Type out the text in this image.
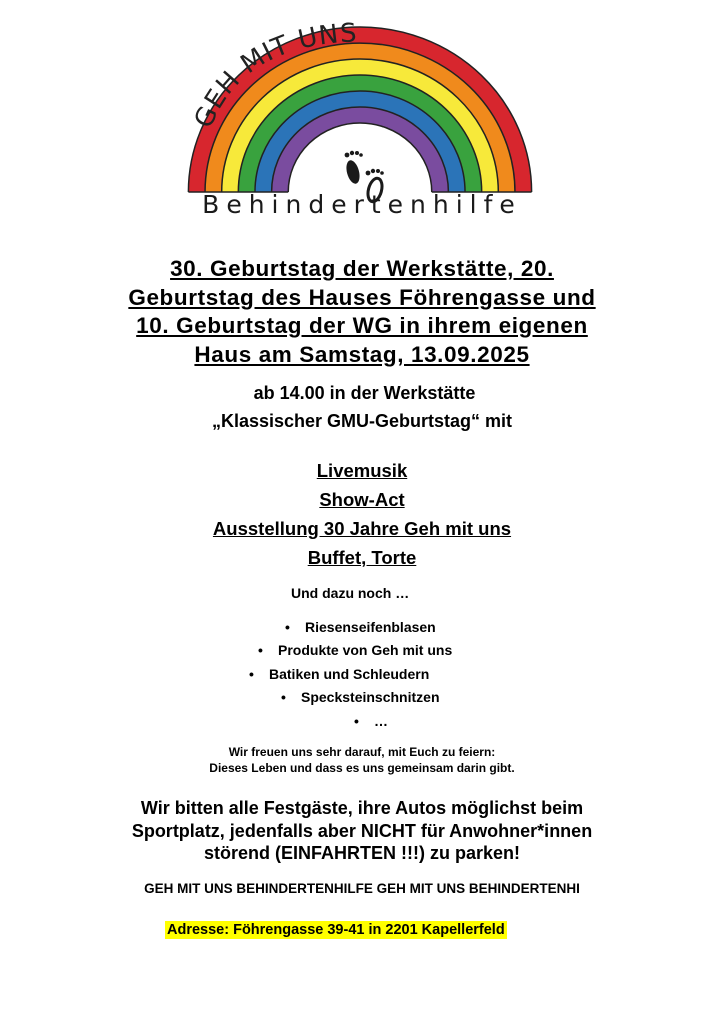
GEH MIT UNS
Behindertenhilfe
30. Geburtstag der Werkstätte, 20.
Geburtstag des Hauses Föhrengasse und
10. Geburtstag der WG in ihrem eigenen
Haus am Samstag, 13.09.2025
ab 14.00 in der Werkstätte
„Klassischer GMU-Geburtstag“ mit
Livemusik
Show-Act
Ausstellung 30 Jahre Geh mit uns
Buffet, Torte
Und dazu noch …
• Riesenseifenblasen
• Produkte von Geh mit uns
• Batiken und Schleudern
• Specksteinschnitzen
• …
Wir freuen uns sehr darauf, mit Euch zu feiern:
Dieses Leben und dass es uns gemeinsam darin gibt.
Wir bitten alle Festgäste, ihre Autos möglichst beim
Sportplatz, jedenfalls aber NICHT für Anwohner*innen
störend (EINFAHRTEN !!!) zu parken!
GEH MIT UNS BEHINDERTENHILFE GEH MIT UNS BEHINDERTENHI
Adresse: Föhrengasse 39-41 in 2201 Kapellerfeld
